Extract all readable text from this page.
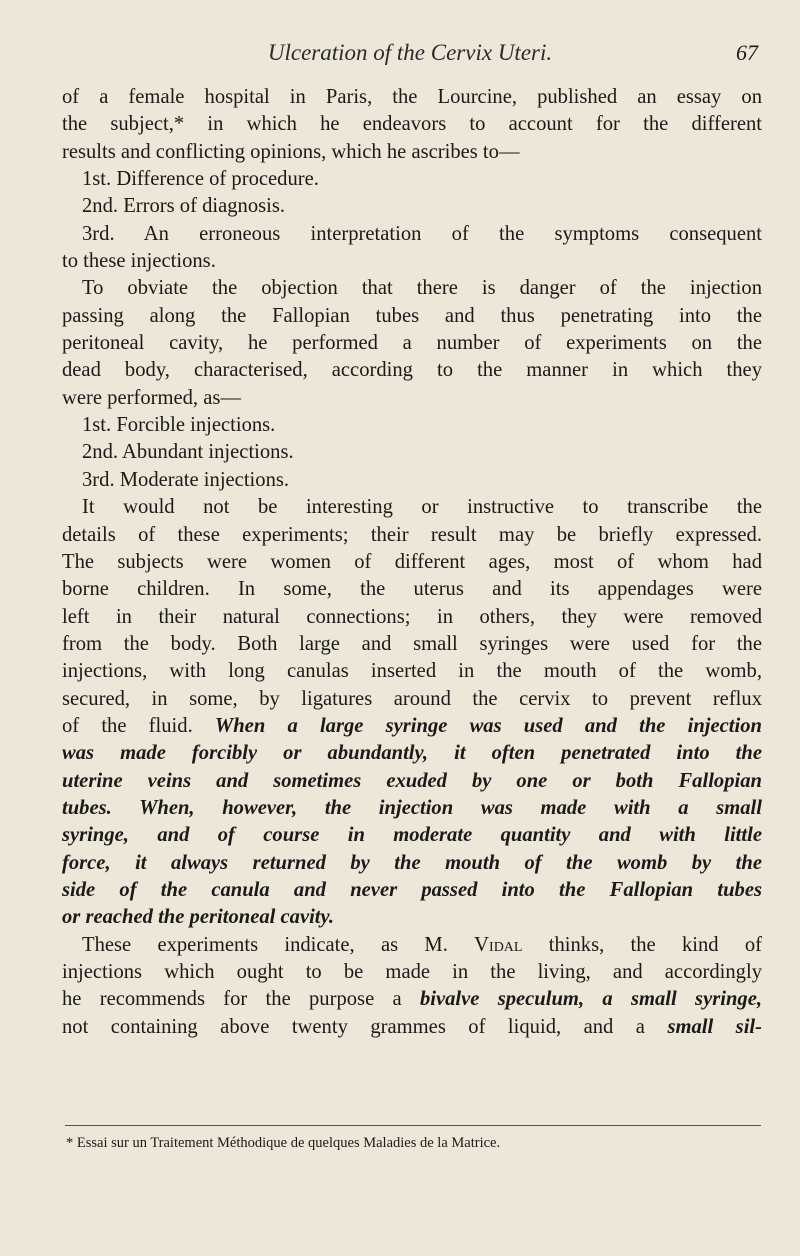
Ulceration of the Cervix Uteri.	67
of a female hospital in Paris, the Lourcine, published an essay on
the subject,* in which he endeavors to account for the different
results and conflicting opinions, which he ascribes to—
1st. Difference of procedure.
2nd. Errors of diagnosis.
3rd. An erroneous interpretation of the symptoms consequent
to these injections.
To obviate the objection that there is danger of the injection
passing along the Fallopian tubes and thus penetrating into the
peritoneal cavity, he performed a number of experiments on the
dead body, characterised, according to the manner in which they
were performed, as—
1st. Forcible injections.
2nd. Abundant injections.
3rd. Moderate injections.
It would not be interesting or instructive to transcribe the
details of these experiments; their result may be briefly expressed.
The subjects were women of different ages, most of whom had
borne children. In some, the uterus and its appendages were
left in their natural connections; in others, they were removed
from the body. Both large and small syringes were used for the
injections, with long canulas inserted in the mouth of the womb,
secured, in some, by ligatures around the cervix to prevent reflux
of the fluid. When a large syringe was used and the injection
was made forcibly or abundantly, it often penetrated into the
uterine veins and sometimes exuded by one or both Fallopian
tubes. When, however, the injection was made with a small
syringe, and of course in moderate quantity and with little
force, it always returned by the mouth of the womb by the
side of the canula and never passed into the Fallopian tubes
or reached the peritoneal cavity.
These experiments indicate, as M. Vidal thinks, the kind of
injections which ought to be made in the living, and accordingly
he recommends for the purpose a bivalve speculum, a small syringe,
not containing above twenty grammes of liquid, and a small sil-
* Essai sur un Traitement Méthodique de quelques Maladies de la Matrice.
